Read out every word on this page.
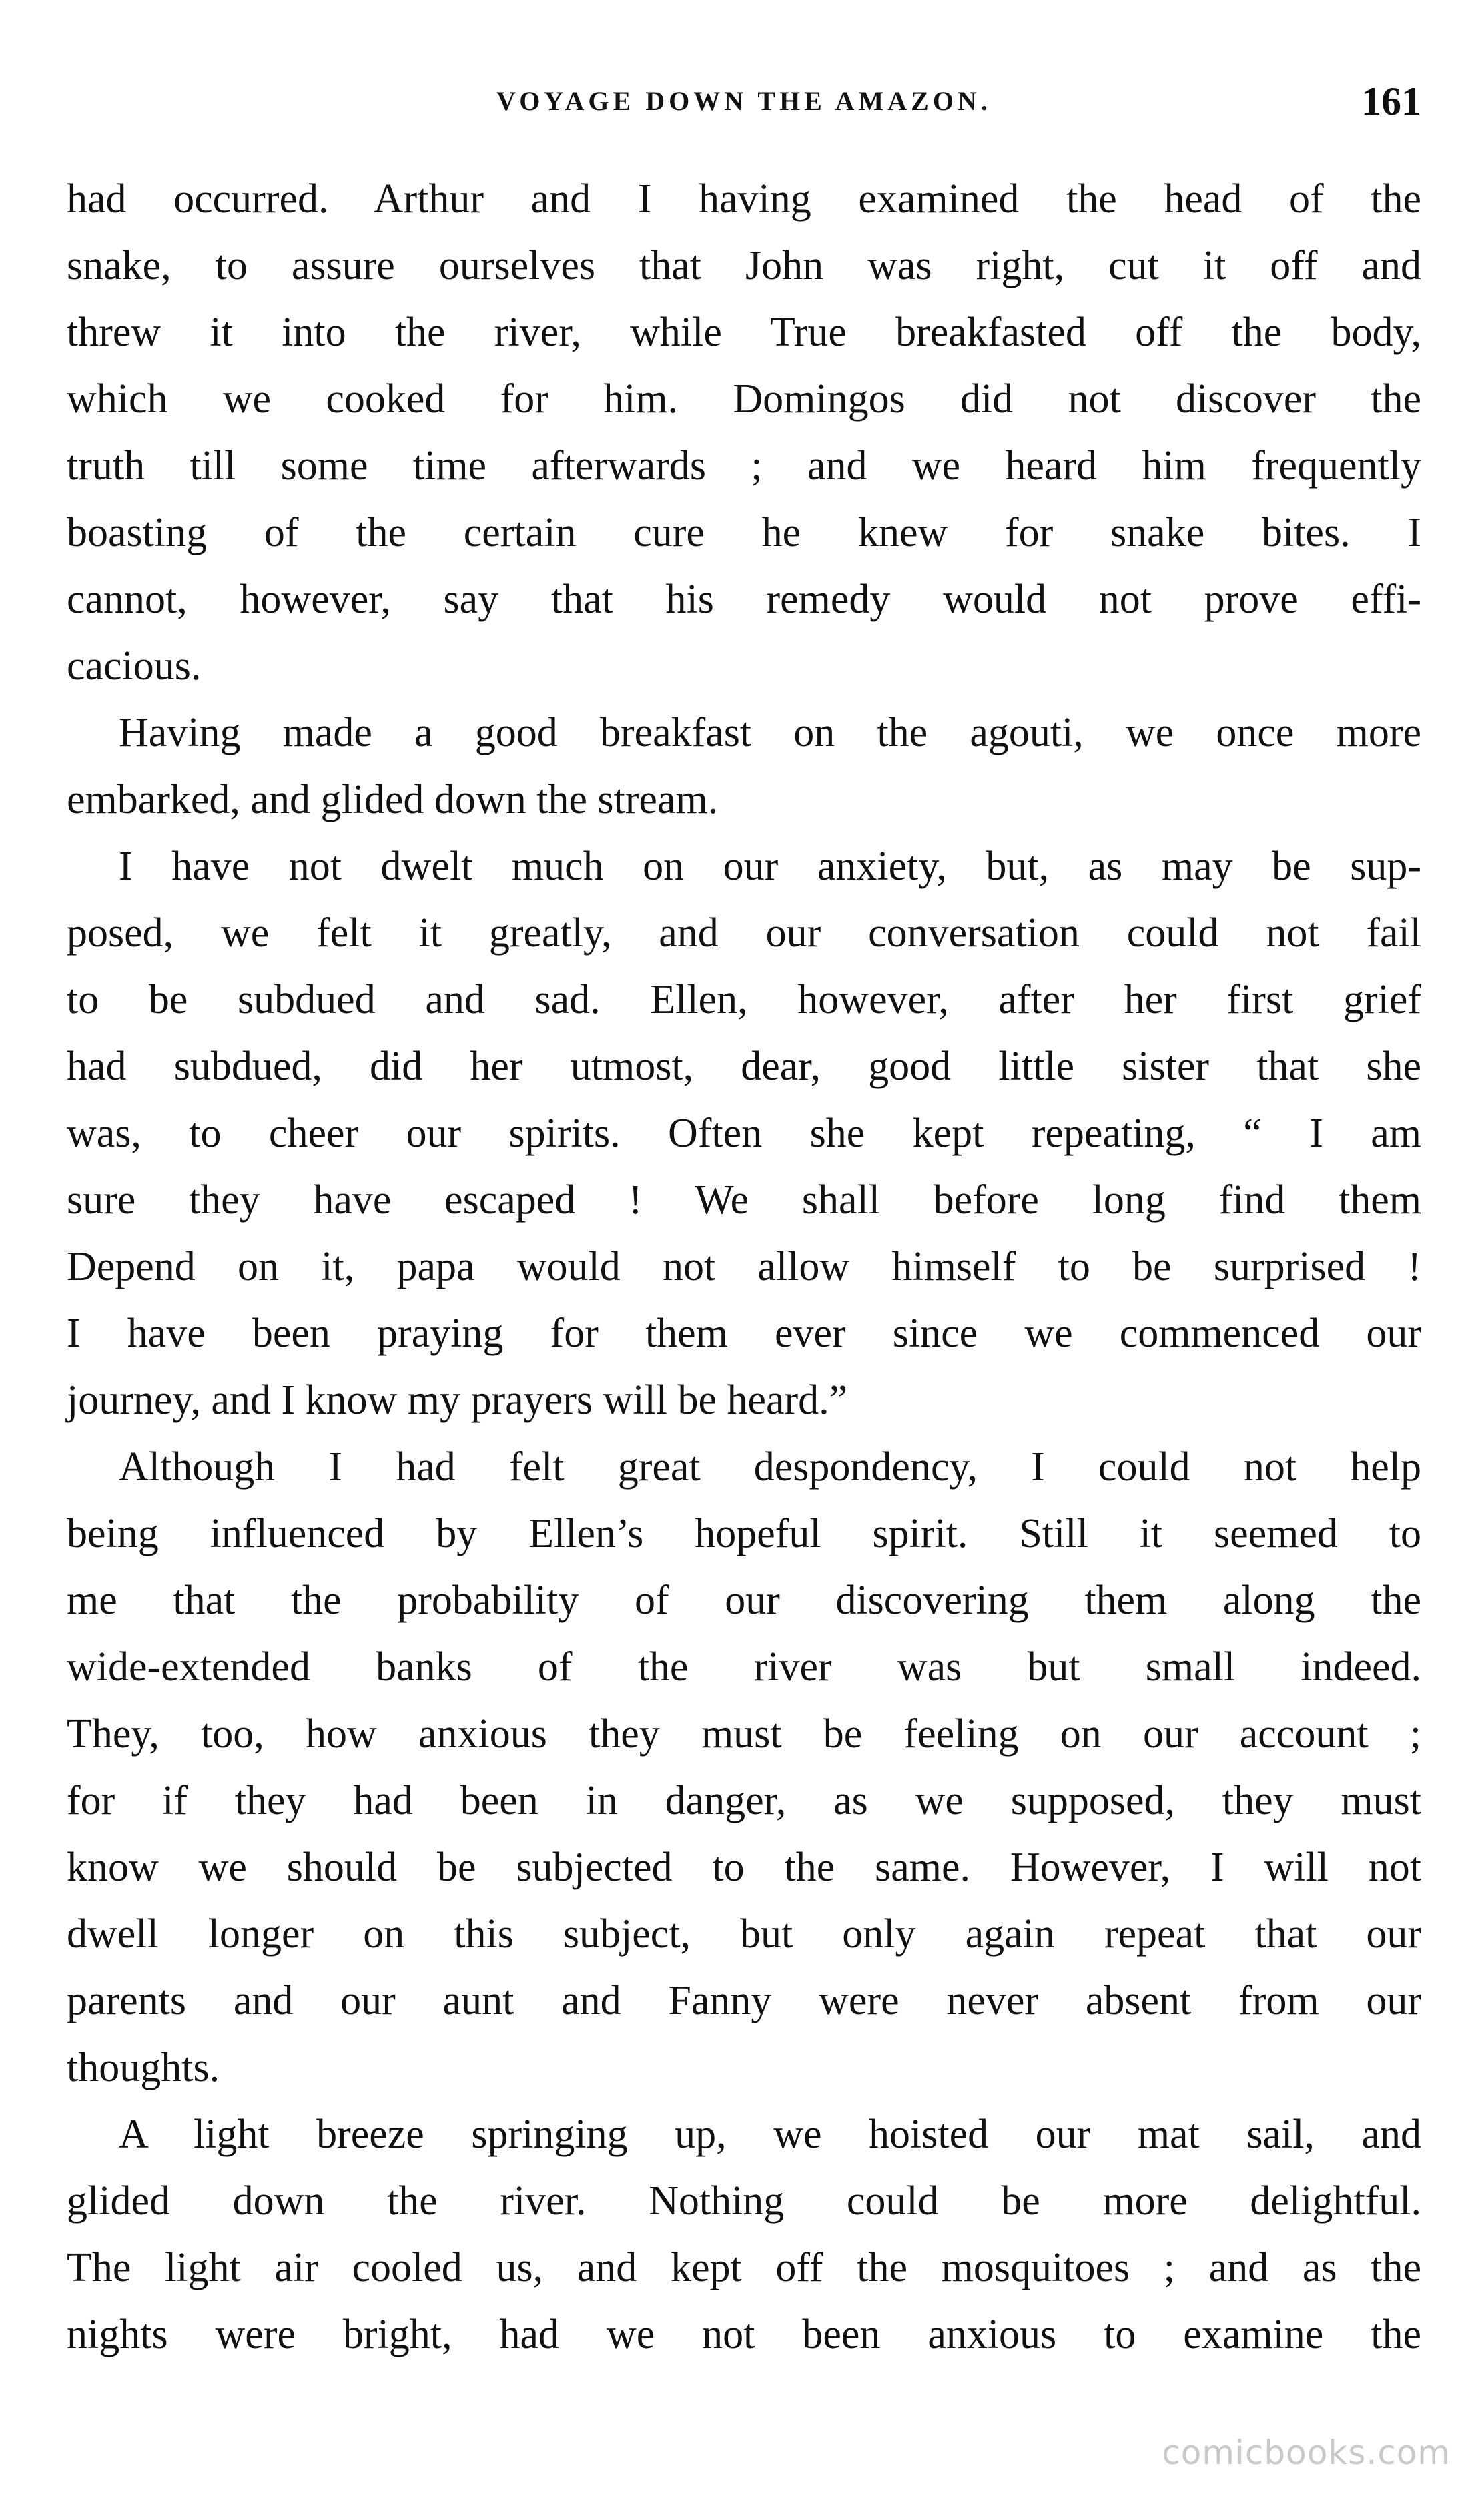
VOYAGE DOWN THE AMAZON.	161
had occurred. Arthur and I having examined the head of the
snake, to assure ourselves that John was right, cut it off and
threw it into the river, while True breakfasted off the body,
which we cooked for him. Domingos did not discover the
truth till some time afterwards ; and we heard him frequently
boasting of the certain cure he knew for snake bites. I
cannot, however, say that his remedy would not prove effi-
cacious.
Having made a good breakfast on the agouti, we once more
embarked, and glided down the stream.
I have not dwelt much on our anxiety, but, as may be sup-
posed, we felt it greatly, and our conversation could not fail
to be subdued and sad. Ellen, however, after her first grief
had subdued, did her utmost, dear, good little sister that she
was, to cheer our spirits. Often she kept repeating, “ I am
sure they have escaped ! We shall before long find them
Depend on it, papa would not allow himself to be surprised !
I have been praying for them ever since we commenced our
journey, and I know my prayers will be heard.”
Although I had felt great despondency, I could not help
being influenced by Ellen’s hopeful spirit. Still it seemed to
me that the probability of our discovering them along the
wide-extended banks of the river was but small indeed.
They, too, how anxious they must be feeling on our account ;
for if they had been in danger, as we supposed, they must
know we should be subjected to the same. However, I will not
dwell longer on this subject, but only again repeat that our
parents and our aunt and Fanny were never absent from our
thoughts.
A light breeze springing up, we hoisted our mat sail, and
glided down the river. Nothing could be more delightful.
The light air cooled us, and kept off the mosquitoes ; and as the
nights were bright, had we not been anxious to examine the
comicbooks.com
